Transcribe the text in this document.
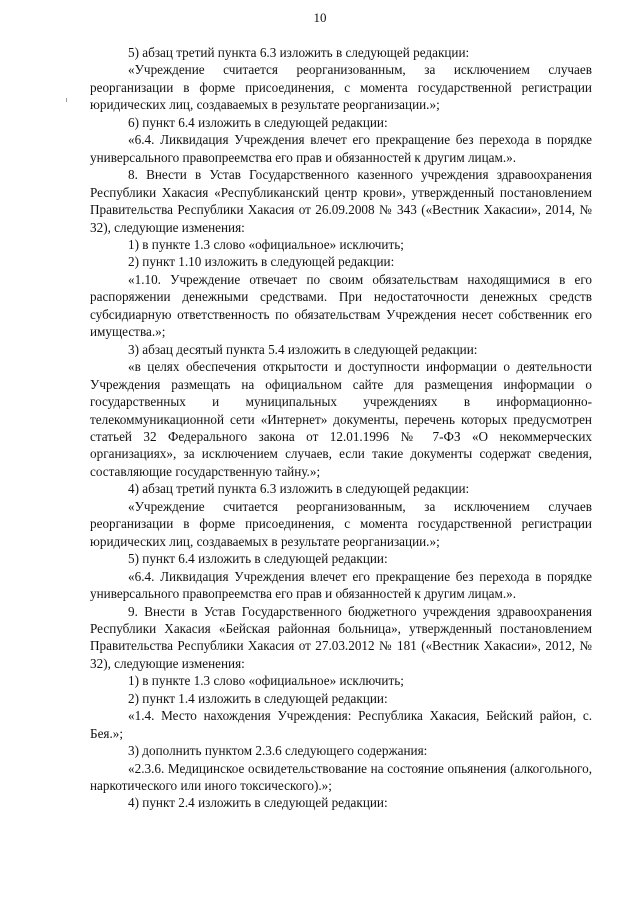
10

5) абзац третий пункта 6.3 изложить в следующей редакции:

«Учреждение считается реорганизованным, за исключением случаев реорганизации в форме присоединения, с момента государственной регистрации юридических лиц, создаваемых в результате реорганизации.»;

6) пункт 6.4 изложить в следующей редакции:

«6.4. Ликвидация Учреждения влечет его прекращение без перехода в порядке универсального правопреемства его прав и обязанностей к другим лицам.».

8. Внести в Устав Государственного казенного учреждения здравоохранения Республики Хакасия «Республиканский центр крови», утвержденный постановлением Правительства Республики Хакасия от 26.09.2008 № 343 («Вестник Хакасии», 2014, № 32), следующие изменения:

1) в пункте 1.3 слово «официальное» исключить;

2) пункт 1.10 изложить в следующей редакции:

«1.10. Учреждение отвечает по своим обязательствам находящимися в его распоряжении денежными средствами. При недостаточности денежных средств субсидиарную ответственность по обязательствам Учреждения несет собственник его имущества.»;

3) абзац десятый пункта 5.4 изложить в следующей редакции:

«в целях обеспечения открытости и доступности информации о деятельности Учреждения размещать на официальном сайте для размещения информации о государственных и муниципальных учреждениях в информационно-телекоммуникационной сети «Интернет» документы, перечень которых предусмотрен статьей 32 Федерального закона от 12.01.1996 № 7-ФЗ «О некоммерческих организациях», за исключением случаев, если такие документы содержат сведения, составляющие государственную тайну.»;

4) абзац третий пункта 6.3 изложить в следующей редакции:

«Учреждение считается реорганизованным, за исключением случаев реорганизации в форме присоединения, с момента государственной регистрации юридических лиц, создаваемых в результате реорганизации.»;

5) пункт 6.4 изложить в следующей редакции:

«6.4. Ликвидация Учреждения влечет его прекращение без перехода в порядке универсального правопреемства его прав и обязанностей к другим лицам.».

9. Внести в Устав Государственного бюджетного учреждения здравоохранения Республики Хакасия «Бейская районная больница», утвержденный постановлением Правительства Республики Хакасия от 27.03.2012 № 181 («Вестник Хакасии», 2012, № 32), следующие изменения:

1) в пункте 1.3 слово «официальное» исключить;

2) пункт 1.4 изложить в следующей редакции:

«1.4. Место нахождения Учреждения: Республика Хакасия, Бейский район, с. Бея.»;

3) дополнить пунктом 2.3.6 следующего содержания:

«2.3.6. Медицинское освидетельствование на состояние опьянения (алкогольного, наркотического или иного токсического).»;

4) пункт 2.4 изложить в следующей редакции:
